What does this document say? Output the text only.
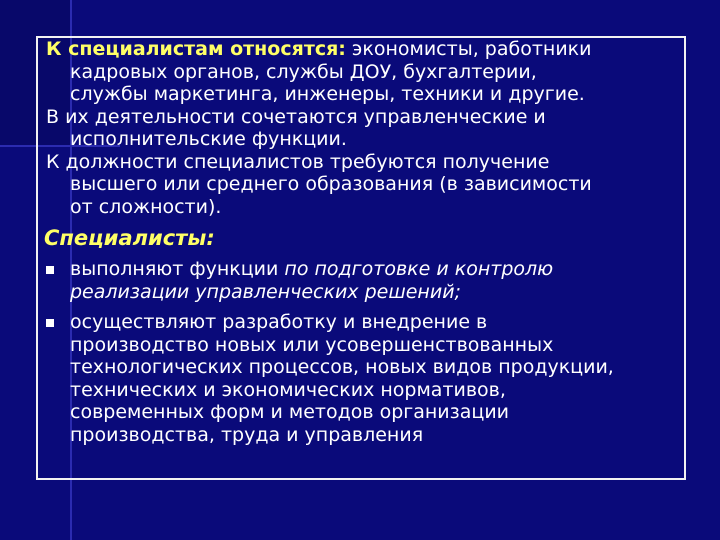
К специалистам относятся: экономисты, работники
кадровых органов, службы ДОУ, бухгалтерии,
службы маркетинга, инженеры, техники и другие.

В их деятельности сочетаются управленческие и
исполнительские функции.

К должности специалистов требуются получение
высшего или среднего образования (в зависимости
от сложности).

Специалисты:
выполняют функции по подготовке и контролю
реализации управленческих решений;
осуществляют разработку и внедрение в
производство новых или усовершенствованных
технологических процессов, новых видов продукции,
технических и экономических нормативов,
современных форм и методов организации
производства, труда и управления
